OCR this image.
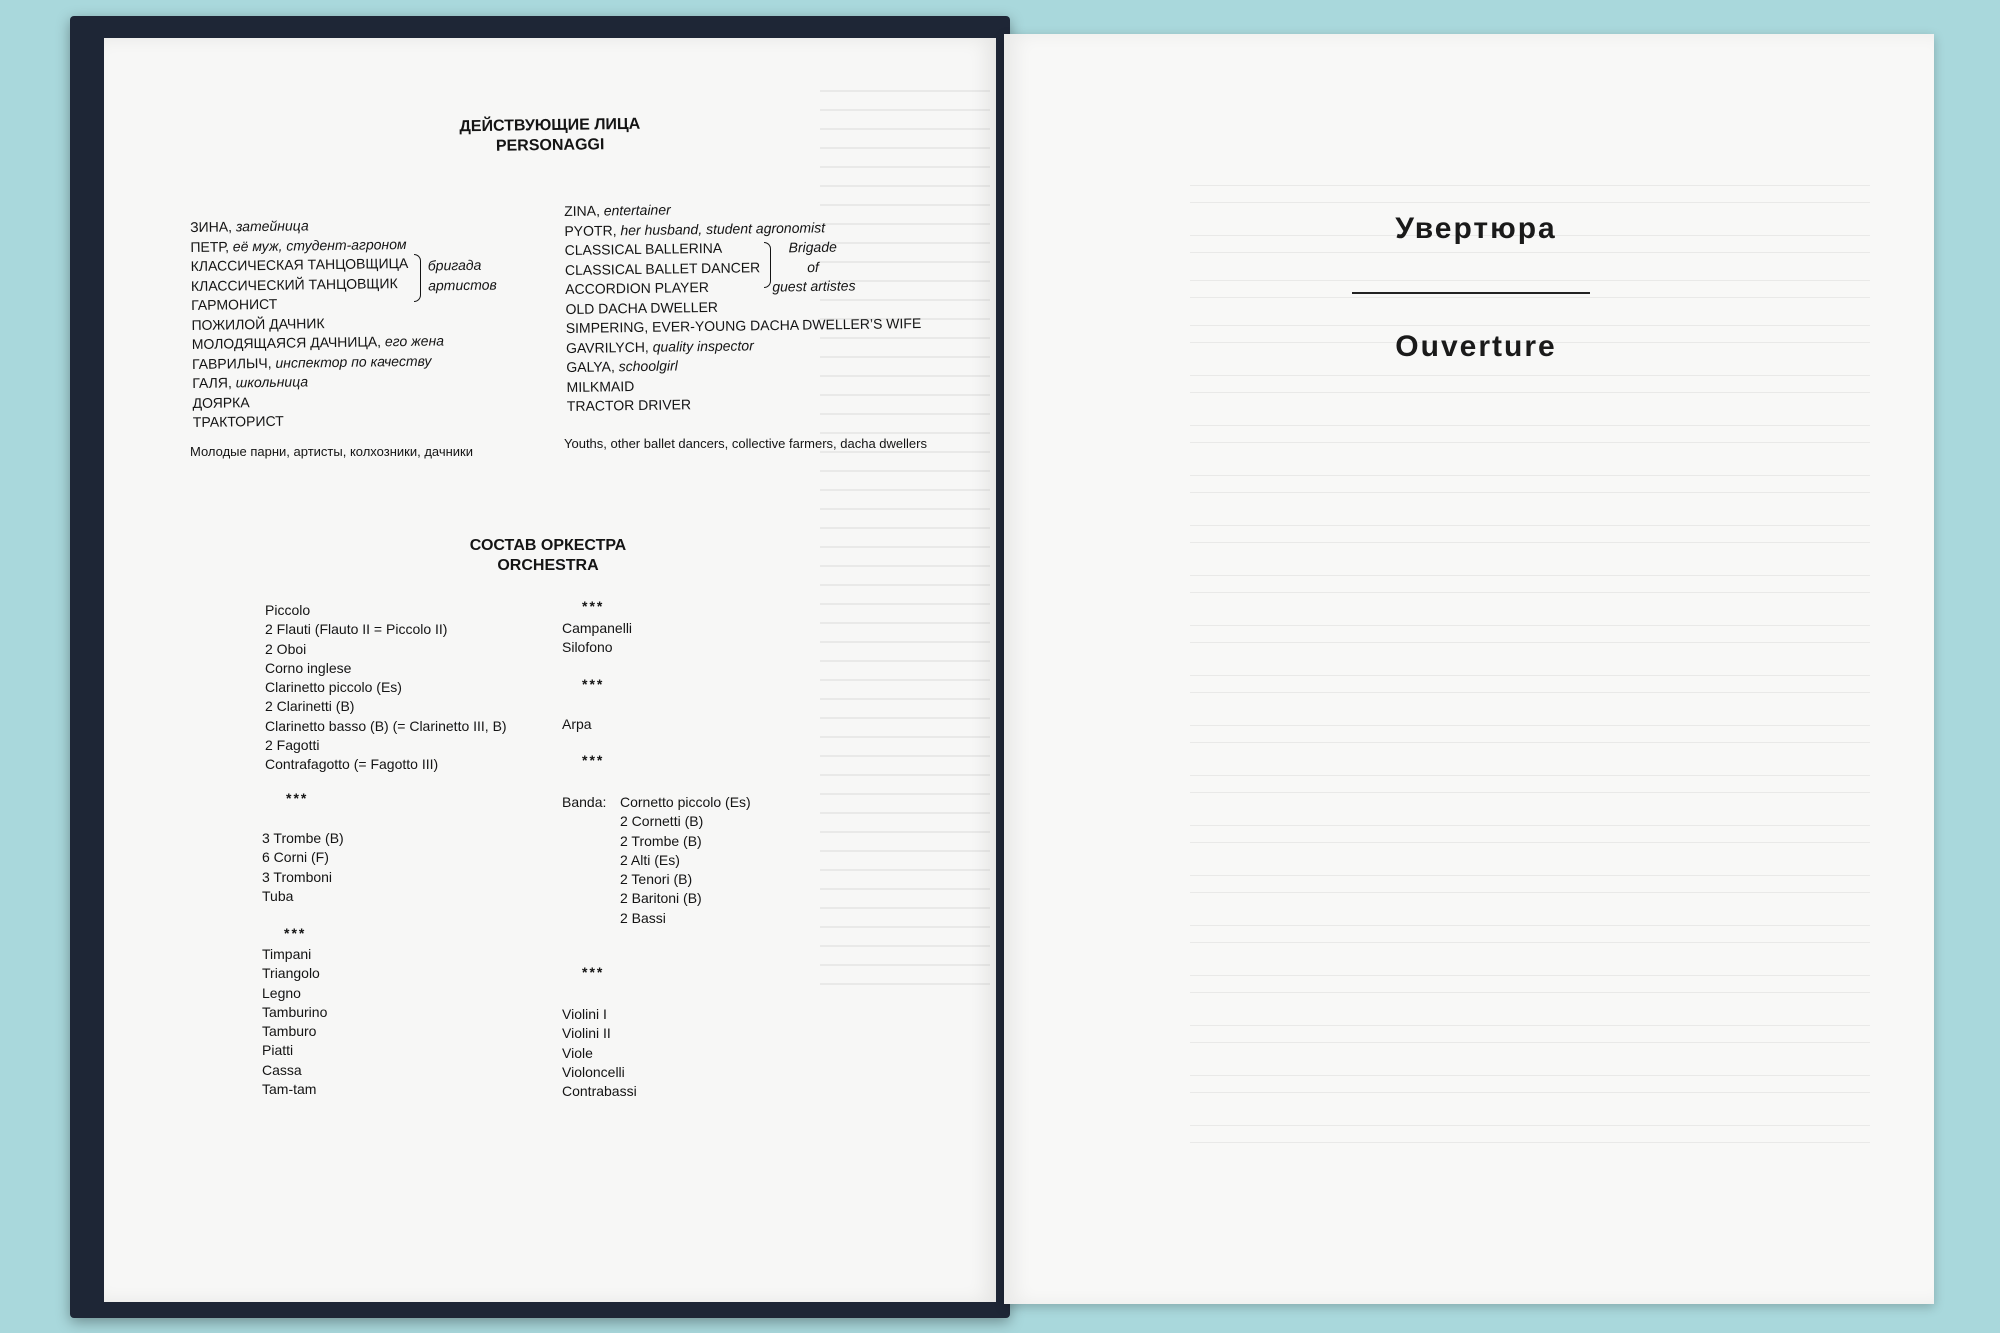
ДЕЙСТВУЮЩИЕ ЛИЦА
PERSONAGGI
ЗИНА, затейница
ПЕТР, её муж, студент-агроном
КЛАССИЧЕСКАЯ ТАНЦОВЩИЦА
КЛАССИЧЕСКИЙ ТАНЦОВЩИК
ГАРМОНИСТ
ПОЖИЛОЙ ДАЧНИК
МОЛОДЯЩАЯСЯ ДАЧНИЦА, его жена
ГАВРИЛЫЧ, инспектор по качеству
ГАЛЯ, школьница
ДОЯРКА
ТРАКТОРИСТ
бригада
артистов
Молодые парни, артисты, колхозники, дачники
ZINA, entertainer
PYOTR, her husband, student agronomist
CLASSICAL BALLERINA
CLASSICAL BALLET DANCER
ACCORDION PLAYER
OLD DACHA DWELLER
SIMPERING, EVER-YOUNG DACHA DWELLER’S WIFE
GAVRILYCH, quality inspector
GALYA, schoolgirl
MILKMAID
TRACTOR DRIVER
Brigade
of
guest artistes
Youths, other ballet dancers, collective farmers, dacha dwellers
СОСТАВ ОРКЕСТРА
ORCHESTRA
Piccolo
2 Flauti (Flauto II = Piccolo II)
2 Oboi
Corno inglese
Clarinetto piccolo (Es)
2 Clarinetti (B)
Clarinetto basso (B) (= Clarinetto III, B)
2 Fagotti
Contrafagotto (= Fagotto III)
***
3 Trombe (B)
6 Corni (F)
3 Tromboni
Tuba
***
Timpani
Triangolo
Legno
Tamburino
Tamburo
Piatti
Cassa
Tam-tam
***
Campanelli
Silofono
***
Arpa
***
Banda: Cornetto piccolo (Es)
2 Cornetti (B)
2 Trombe (B)
2 Alti (Es)
2 Tenori (B)
2 Baritoni (B)
2 Bassi
***
Violini I
Violini II
Viole
Violoncelli
Contrabassi
Увертюра
Ouverture
